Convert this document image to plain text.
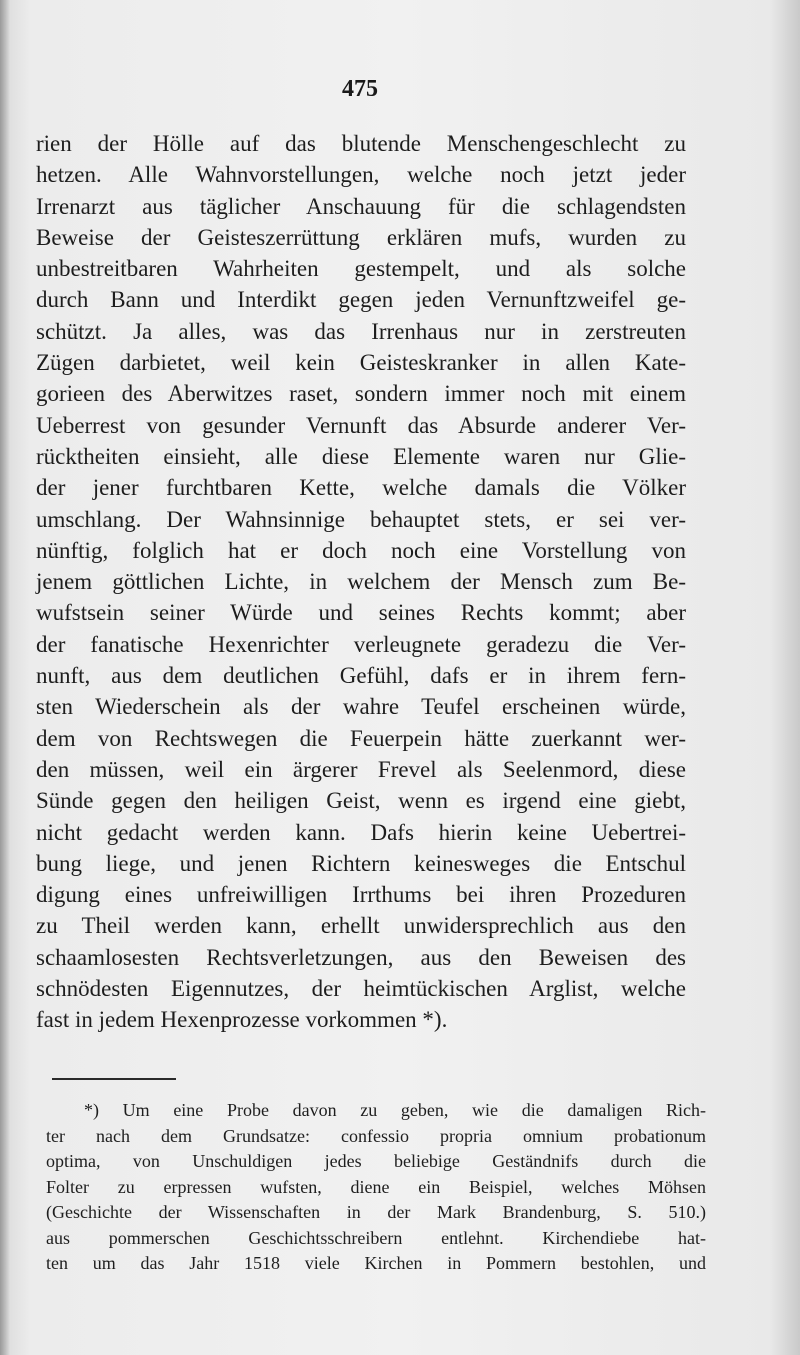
475
rien der Hölle auf das blutende Menschengeschlecht zu
hetzen. Alle Wahnvorstellungen, welche noch jetzt jeder
Irrenarzt aus täglicher Anschauung für die schlagendsten
Beweise der Geisteszerrüttung erklären mufs, wurden zu
unbestreitbaren Wahrheiten gestempelt, und als solche
durch Bann und Interdikt gegen jeden Vernunftzweifel ge-
schützt. Ja alles, was das Irrenhaus nur in zerstreuten
Zügen darbietet, weil kein Geisteskranker in allen Kate-
gorieen des Aberwitzes raset, sondern immer noch mit einem
Ueberrest von gesunder Vernunft das Absurde anderer Ver-
rücktheiten einsieht, alle diese Elemente waren nur Glie-
der jener furchtbaren Kette, welche damals die Völker
umschlang. Der Wahnsinnige behauptet stets, er sei ver-
nünftig, folglich hat er doch noch eine Vorstellung von
jenem göttlichen Lichte, in welchem der Mensch zum Be-
wufstsein seiner Würde und seines Rechts kommt; aber
der fanatische Hexenrichter verleugnete geradezu die Ver-
nunft, aus dem deutlichen Gefühl, dafs er in ihrem fern-
sten Wiederschein als der wahre Teufel erscheinen würde,
dem von Rechtswegen die Feuerpein hätte zuerkannt wer-
den müssen, weil ein ärgerer Frevel als Seelenmord, diese
Sünde gegen den heiligen Geist, wenn es irgend eine giebt,
nicht gedacht werden kann. Dafs hierin keine Uebertrei-
bung liege, und jenen Richtern keinesweges die Entschul
digung eines unfreiwilligen Irrthums bei ihren Prozeduren
zu Theil werden kann, erhellt unwidersprechlich aus den
schaamlosesten Rechtsverletzungen, aus den Beweisen des
schnödesten Eigennutzes, der heimtückischen Arglist, welche
fast in jedem Hexenprozesse vorkommen *).
*) Um eine Probe davon zu geben, wie die damaligen Rich-
ter nach dem Grundsatze: confessio propria omnium probationum
optima, von Unschuldigen jedes beliebige Geständnifs durch die
Folter zu erpressen wufsten, diene ein Beispiel, welches Möhsen
(Geschichte der Wissenschaften in der Mark Brandenburg, S. 510.)
aus pommerschen Geschichtsschreibern entlehnt. Kirchendiebe hat-
ten um das Jahr 1518 viele Kirchen in Pommern bestohlen, und
